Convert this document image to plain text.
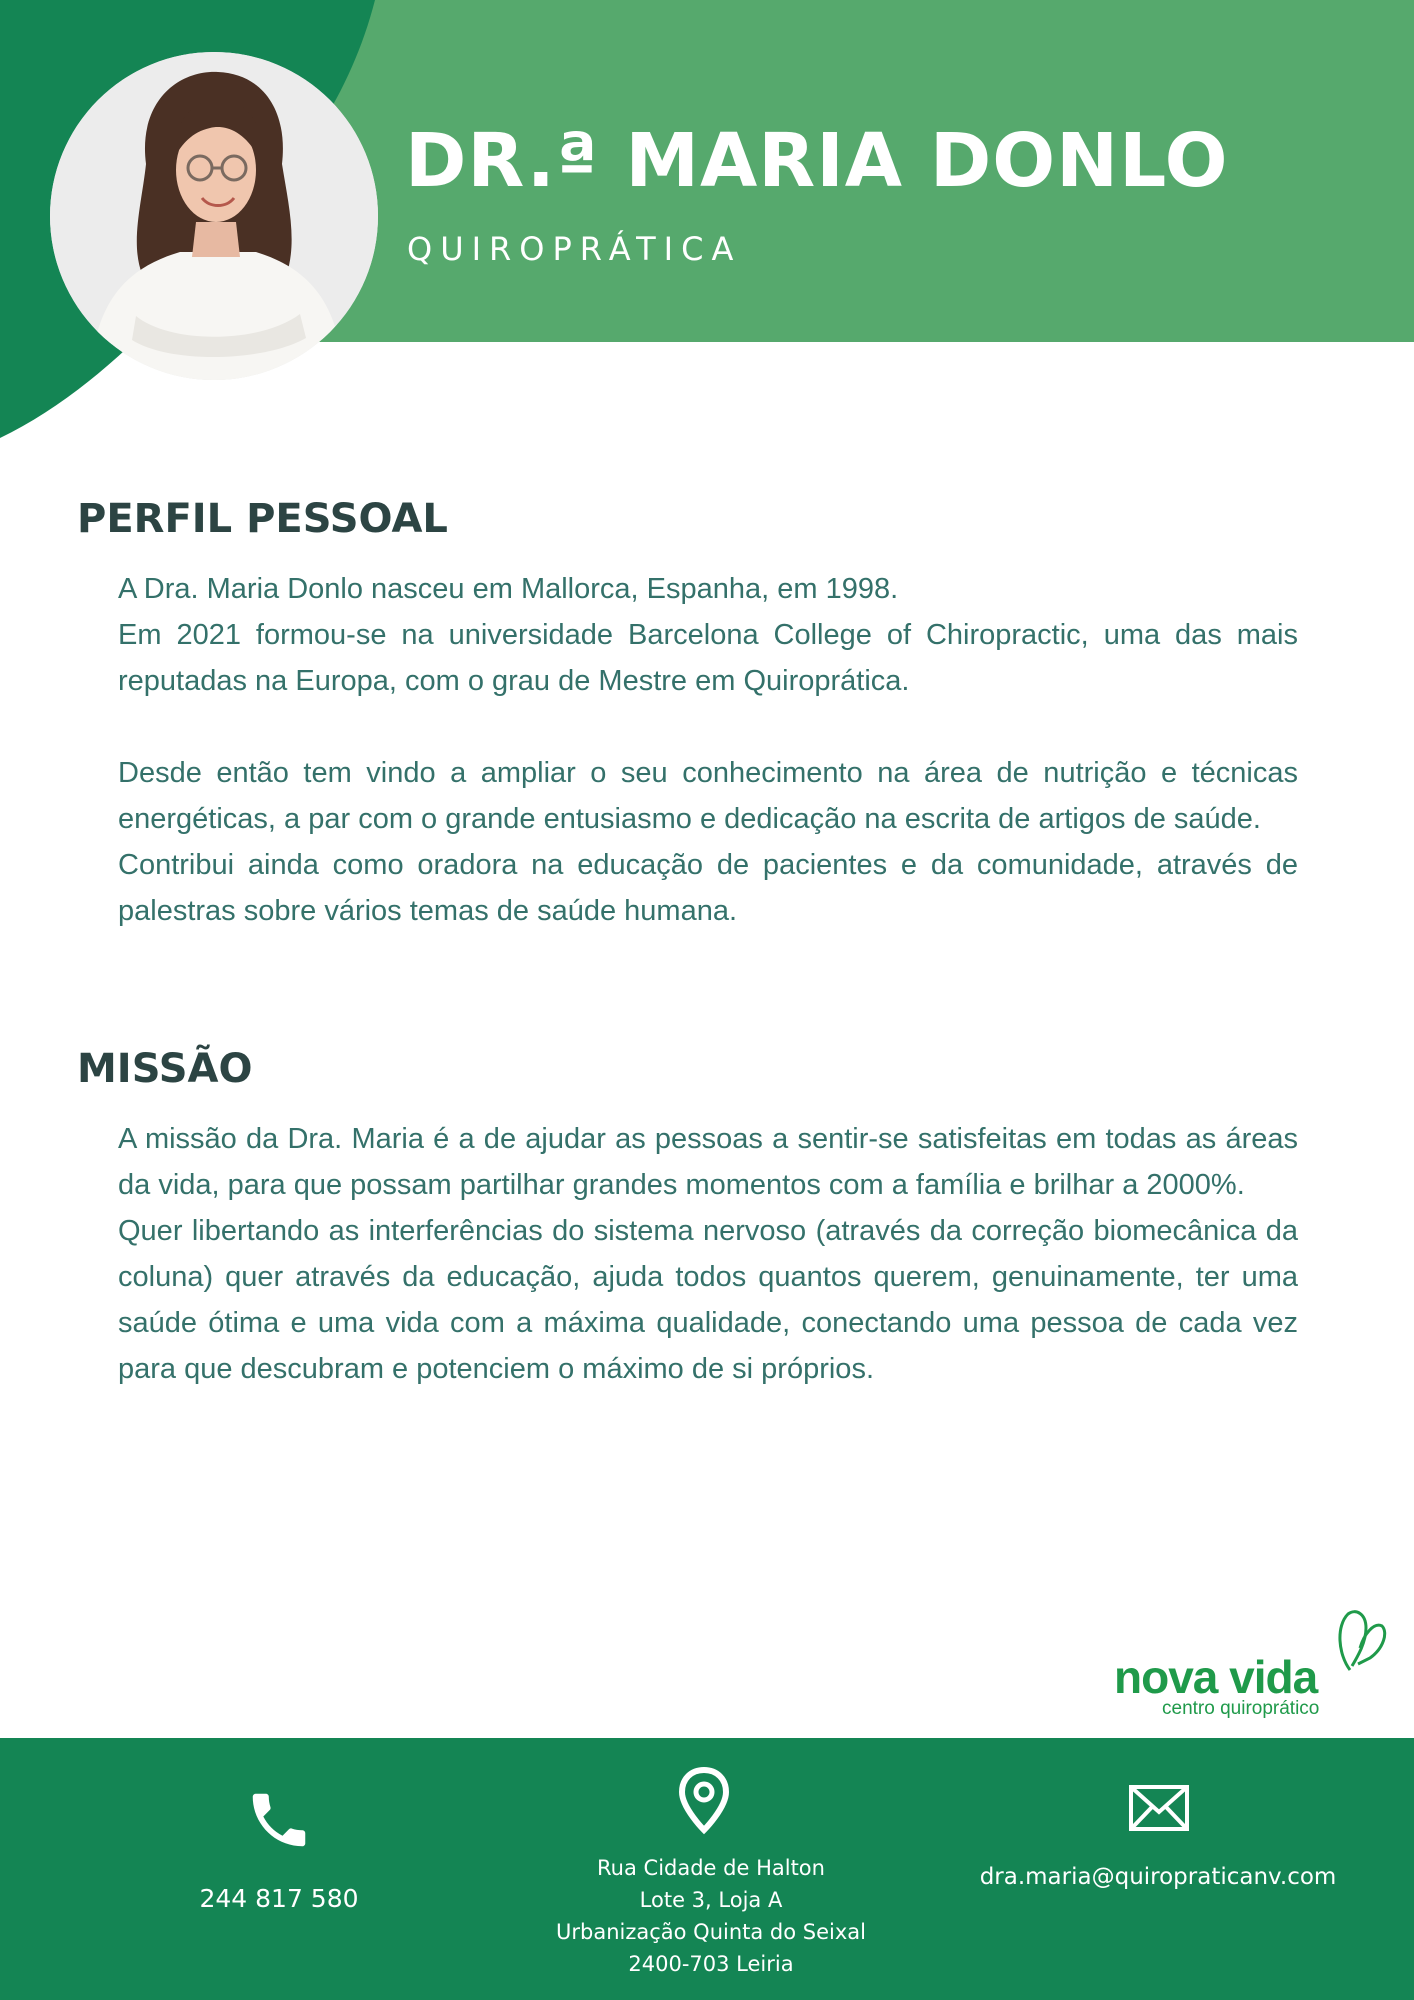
DR.ª MARIA DONLO
QUIROPRÁTICA
PERFIL PESSOAL

A Dra. Maria Donlo nasceu em Mallorca, Espanha, em 1998.

Em 2021 formou-se na universidade Barcelona College of Chiropractic, uma das mais reputadas na Europa, com o grau de Mestre em Quiroprática.

Desde então tem vindo a ampliar o seu conhecimento na área de nutrição e técnicas energéticas, a par com o grande entusiasmo e dedicação na escrita de artigos de saúde.

Contribui ainda como oradora na educação de pacientes e da comunidade, através de palestras sobre vários temas de saúde humana.

MISSÃO

A missão da Dra. Maria é a de ajudar as pessoas a sentir-se satisfeitas em todas as áreas da vida, para que possam partilhar grandes momentos com a família e brilhar a 2000%.

Quer libertando as interferências do sistema nervoso (através da correção biomecânica da coluna) quer através da educação, ajuda todos quantos querem, genuinamente, ter uma saúde ótima e uma vida com a máxima qualidade, conectando uma pessoa de cada vez para que descubram e potenciem o máximo de si próprios.

nova vida
centro quiroprático
244 817 580
Rua Cidade de Halton
Lote 3, Loja A
Urbanização Quinta do Seixal
2400-703 Leiria
dra.maria@quiropraticanv.com
